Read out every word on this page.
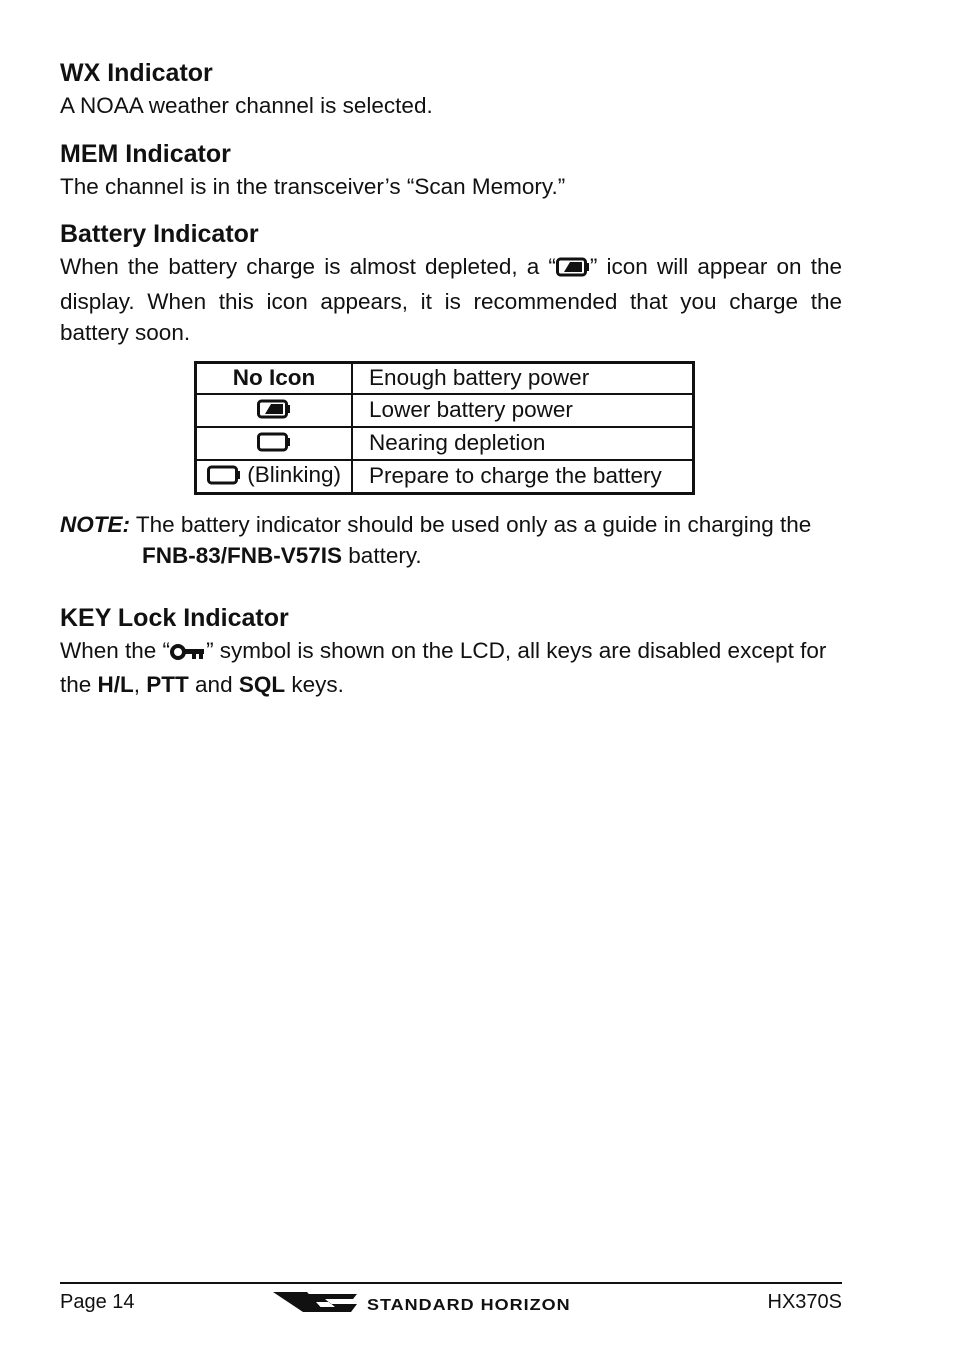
WX Indicator

A NOAA weather channel is selected.

MEM Indicator

The channel is in the transceiver’s “Scan Memory.”

Battery Indicator

When the battery charge is almost depleted, a “ ” icon will appear on the display. When this icon appears, it is recommended that you charge the battery soon.

No Icon	Enough battery power
	Lower battery power
	Nearing depletion
(Blinking)	Prepare to charge the battery
NOTE: The battery indicator should be used only as a guide in charging the
FNB-83/FNB-V57IS battery.
KEY Lock Indicator

When the “ ” symbol is shown on the LCD, all keys are disabled except for the H/L, PTT and SQL keys.

Page 14	STANDARD HORIZON	HX370S
